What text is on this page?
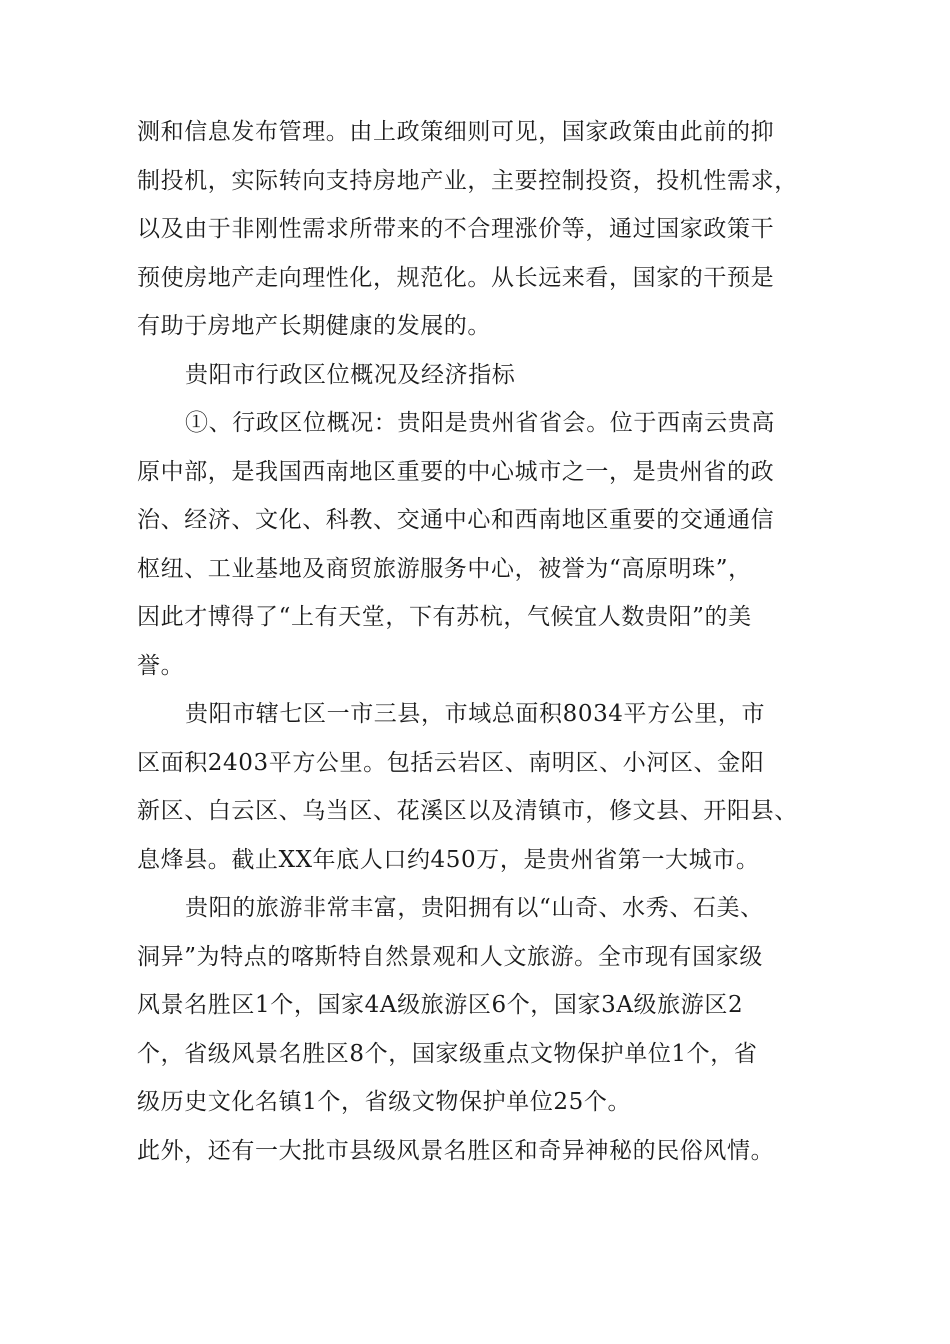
测和信息发布管理。由上政策细则可见，国家政策由此前的抑
制投机，实际转向支持房地产业，主要控制投资，投机性需求，
以及由于非刚性需求所带来的不合理涨价等，通过国家政策干
预使房地产走向理性化，规范化。从长远来看，国家的干预是
有助于房地产长期健康的发展的。
贵阳市行政区位概况及经济指标
①、行政区位概况：贵阳是贵州省省会。位于西南云贵高
原中部，是我国西南地区重要的中心城市之一，是贵州省的政
治、经济、文化、科教、交通中心和西南地区重要的交通通信
枢纽、工业基地及商贸旅游服务中心，被誉为“高原明珠”，
因此才博得了“上有天堂，下有苏杭，气候宜人数贵阳”的美
誉。
贵阳市辖七区一市三县，市域总面积8034平方公里，市
区面积2403平方公里。包括云岩区、南明区、小河区、金阳
新区、白云区、乌当区、花溪区以及清镇市，修文县、开阳县、
息烽县。截止XX年底人口约450万，是贵州省第一大城市。
贵阳的旅游非常丰富，贵阳拥有以“山奇、水秀、石美、
洞异”为特点的喀斯特自然景观和人文旅游。全市现有国家级
风景名胜区1个，国家4A级旅游区6个，国家3A级旅游区2
个，省级风景名胜区8个，国家级重点文物保护单位1个，省
级历史文化名镇1个，省级文物保护单位25个。
此外，还有一大批市县级风景名胜区和奇异神秘的民俗风情。
